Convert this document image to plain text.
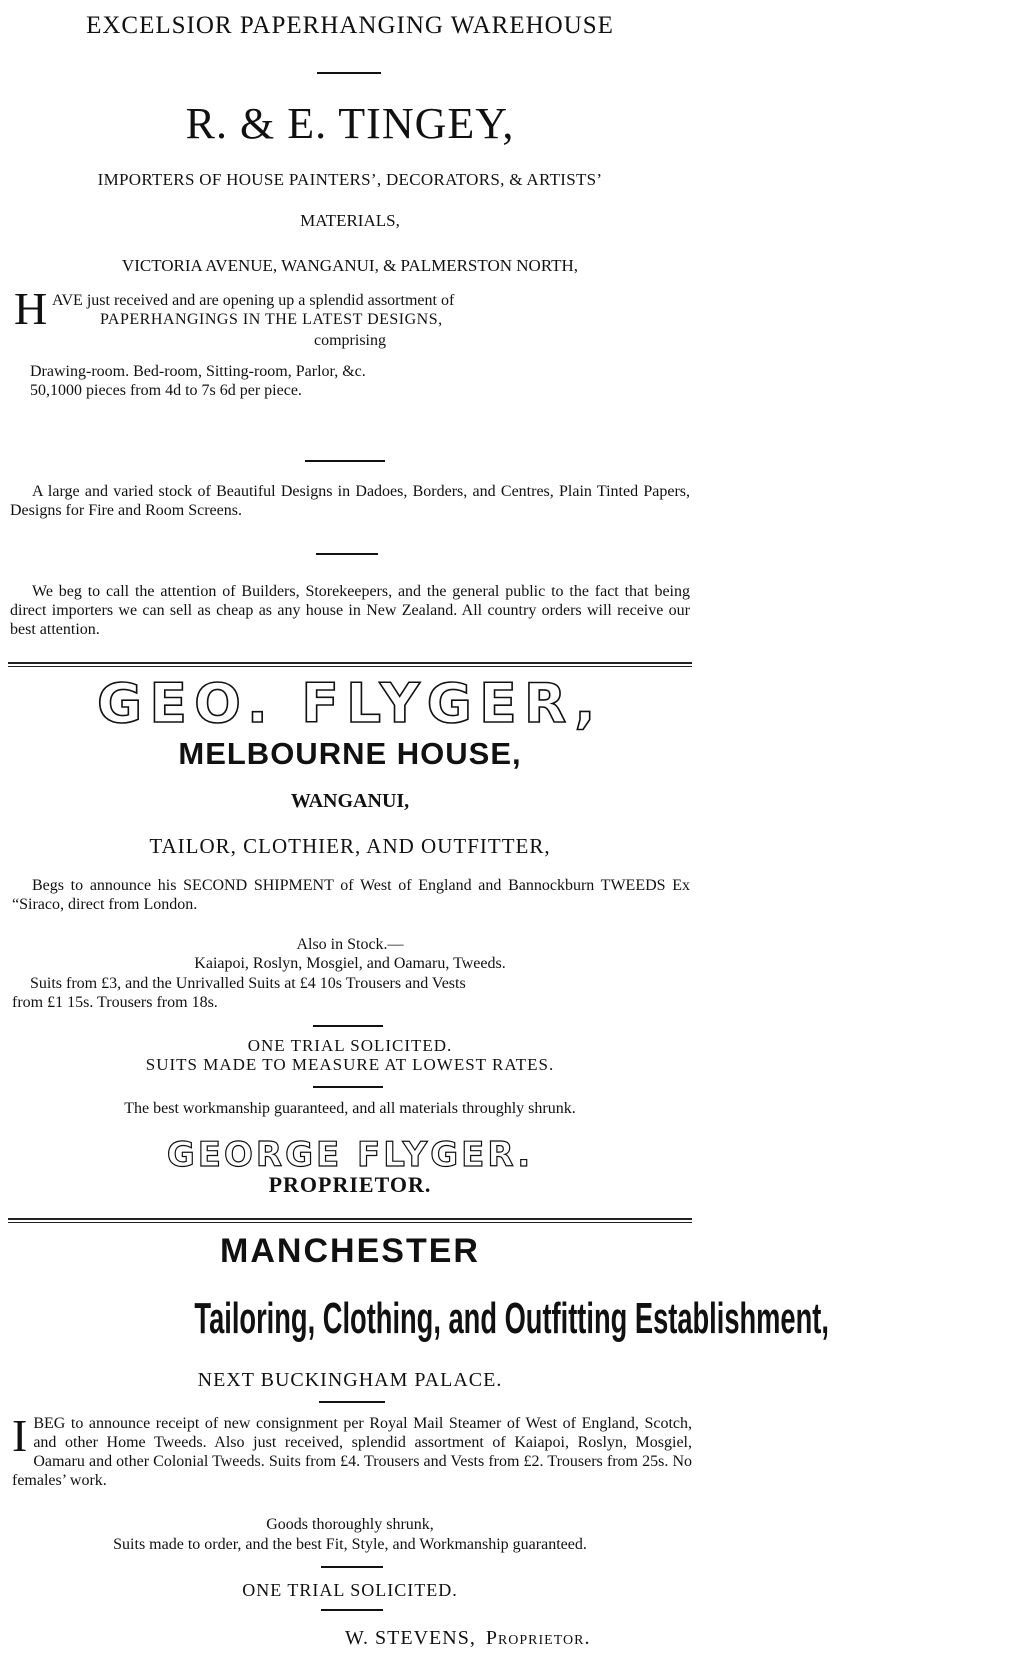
EXCELSIOR PAPERHANGING WAREHOUSE
R. & E. TINGEY,
IMPORTERS OF HOUSE PAINTERS’, DECORATORS, & ARTISTS’
MATERIALS,
VICTORIA AVENUE, WANGANUI, & PALMERSTON NORTH,
H AVE just received and are opening up a splendid assortment of
PAPERHANGINGS IN THE LATEST DESIGNS,
comprising
Drawing-room. Bed-room, Sitting-room, Parlor, &c.
50,1000 pieces from 4d to 7s 6d per piece.
A large and varied stock of Beautiful Designs in Dadoes, Borders, and Centres, Plain Tinted Papers, Designs for Fire and Room Screens.
We beg to call the attention of Builders, Storekeepers, and the general public to the fact that being direct importers we can sell as cheap as any house in New Zealand. All country orders will receive our best attention.
GEO. FLYGER,
MELBOURNE HOUSE,
WANGANUI,
TAILOR, CLOTHIER, AND OUTFITTER,
Begs to announce his SECOND SHIPMENT of West of England and Bannockburn TWEEDS Ex “Siraco, direct from London.
Also in Stock.—
Kaiapoi, Roslyn, Mosgiel, and Oamaru, Tweeds.
Suits from £3, and the Unrivalled Suits at £4 10s Trousers and Vests
from £1 15s. Trousers from 18s.
ONE TRIAL SOLICITED.
SUITS MADE TO MEASURE AT LOWEST RATES.
The best workmanship guaranteed, and all materials throughly shrunk.
GEORGE FLYGER.
PROPRIETOR.
MANCHESTER
Tailoring, Clothing, and Outfitting Establishment,
NEXT BUCKINGHAM PALACE.
IBEG to announce receipt of new consignment per Royal Mail Steamer of West of England, Scotch, and other Home Tweeds. Also just received, splendid assortment of Kaiapoi, Roslyn, Mosgiel, Oamaru and other Colonial Tweeds. Suits from £4. Trousers and Vests from £2. Trousers from 25s. No females’ work.
Goods thoroughly shrunk,
Suits made to order, and the best Fit, Style, and Workmanship guaranteed.
ONE TRIAL SOLICITED.
W. STEVENS, Proprietor.
